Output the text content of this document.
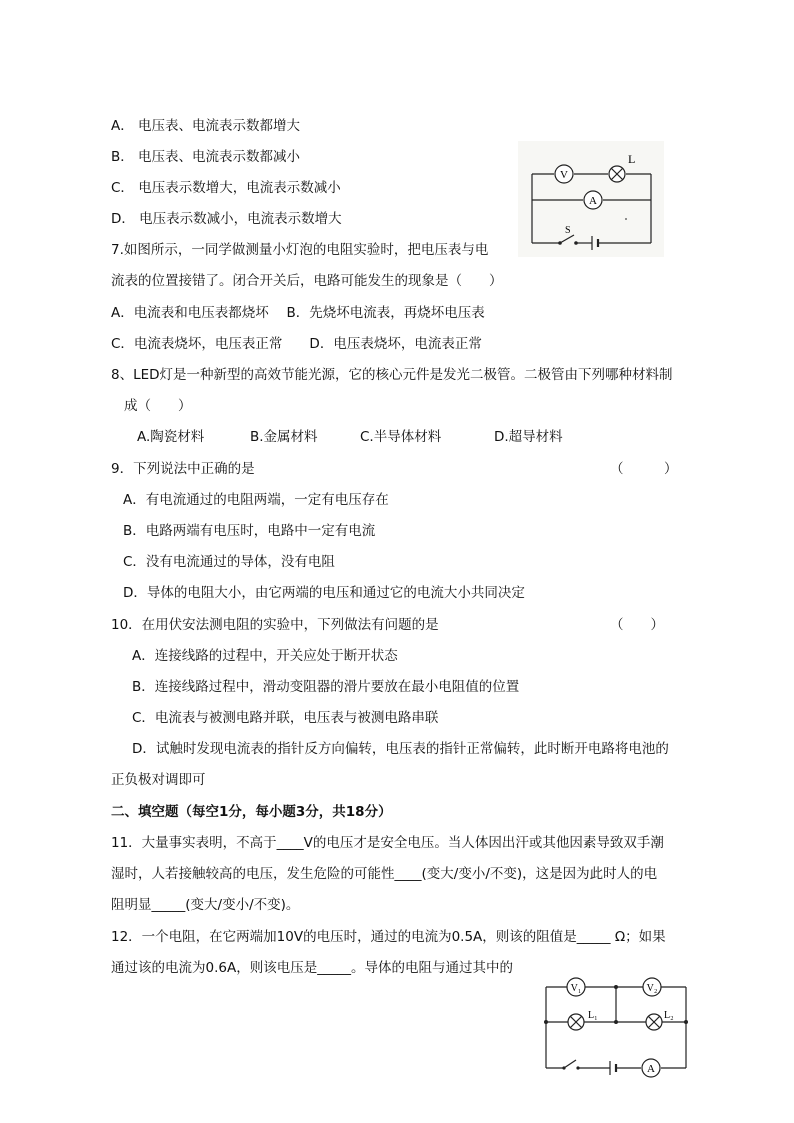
A． 电压表、电流表示数都增大
B． 电压表、电流表示数都减小
C． 电压表示数增大，电流表示数减小
D． 电压表示数减小，电流表示数增大
V
A
L
S
7.如图所示，一同学做测量小灯泡的电阻实验时，把电压表与电
流表的位置接错了。闭合开关后，电路可能发生的现象是（　　）
A．电流表和电压表都烧坏　 B．先烧坏电流表，再烧坏电压表
C．电流表烧坏，电压表正常　　D．电压表烧坏，电流表正常
8、LED灯是一种新型的高效节能光源，它的核心元件是发光二极管。二极管由下列哪种材料制
成（　　）
A.陶瓷材料	B.金属材料	C.半导体材料	D.超导材料
9．下列说法中正确的是	（　　　）
A．有电流通过的电阻两端，一定有电压存在
B．电路两端有电压时，电路中一定有电流
C．没有电流通过的导体，没有电阻
D．导体的电阻大小，由它两端的电压和通过它的电流大小共同决定
10．在用伏安法测电阻的实验中，下列做法有问题的是	（　　）
A．连接线路的过程中，开关应处于断开状态
B．连接线路过程中，滑动变阻器的滑片要放在最小电阻值的位置
C．电流表与被测电路并联，电压表与被测电路串联
D．试触时发现电流表的指针反方向偏转，电压表的指针正常偏转，此时断开电路将电池的
正负极对调即可
二、填空题（每空1分，每小题3分，共18分）
11．大量事实表明，不高于____V的电压才是安全电压。当人体因出汗或其他因素导致双手潮
湿时，人若接触较高的电压，发生危险的可能性____(变大/变小/不变)，这是因为此时人的电
阻明显_____(变大/变小/不变)。
12．一个电阻，在它两端加10V的电压时，通过的电流为0.5A，则该的阻值是_____ Ω；如果
通过该的电流为0.6A，则该电压是_____。导体的电阻与通过其中的
V₁	V₂
L₁	L₂
A
